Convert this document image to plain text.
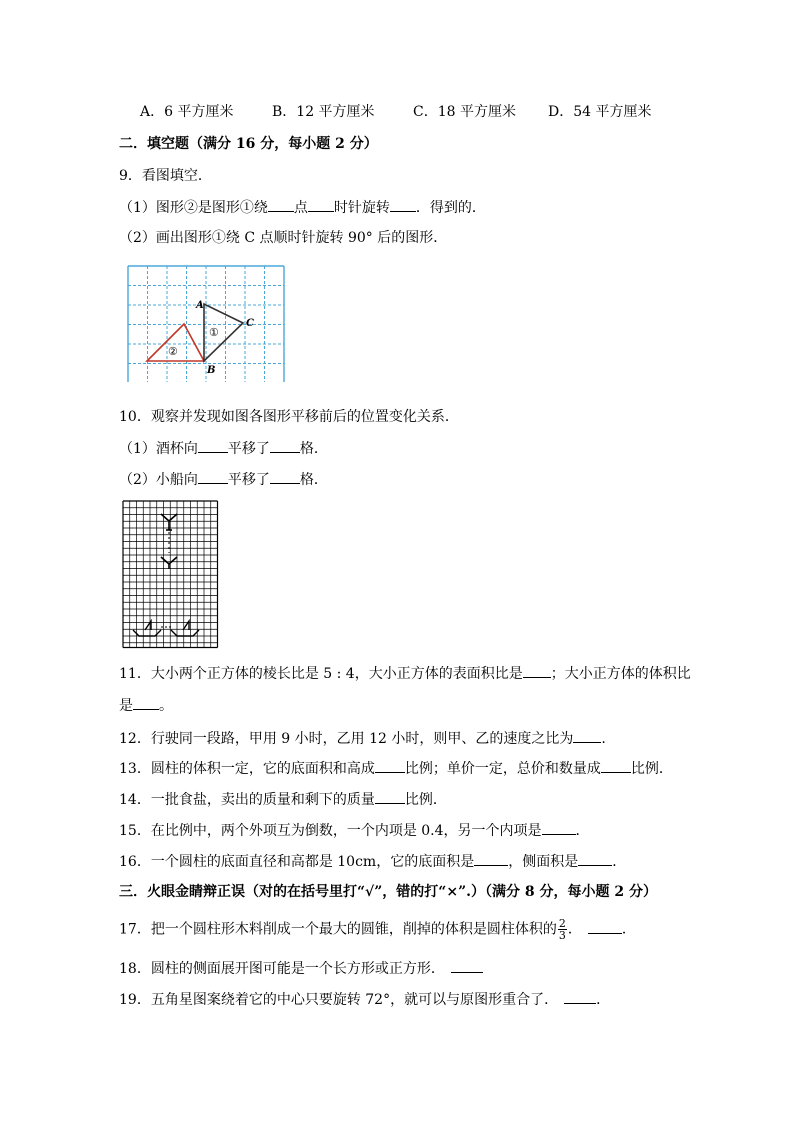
A．6 平方厘米	B．12 平方厘米	C．18 平方厘米 D．54 平方厘米
二．填空题（满分 16 分，每小题 2 分）
9．看图填空．
（1）图形②是图形①绕 点 时针旋转 ．得到的．
（2）画出图形①绕 C 点顺时针旋转 90° 后的图形．
A
B
C
①
②
10．观察并发现如图各图形平移前后的位置变化关系．
（1）酒杯向 平移了 格．
（2）小船向 平移了 格．
11．大小两个正方体的棱长比是 5 : 4，大小正方体的表面积比是 ；大小正方体的体积比
是 。
12．行驶同一段路，甲用 9 小时，乙用 12 小时，则甲、乙的速度之比为 .
13．圆柱的体积一定，它的底面积和高成 比例；单价一定，总价和数量成 比例．
14．一批食盐，卖出的质量和剩下的质量 比例．
15．在比例中，两个外项互为倒数，一个内项是 0.4，另一个内项是 ．
16．一个圆柱的底面直径和高都是 10cm，它的底面积是 ，侧面积是 ．
三．火眼金睛辩正误（对的在括号里打“√”，错的打“×”.）（满分 8 分，每小题 2 分）
17．把一个圆柱形木料削成一个最大的圆锥，削掉的体积是圆柱体积的 $\frac{2}{3}$ ．	．
18．圆柱的侧面展开图可能是一个长方形或正方形．
19．五角星图案绕着它的中心只要旋转 72°，就可以与原图形重合了．	．
